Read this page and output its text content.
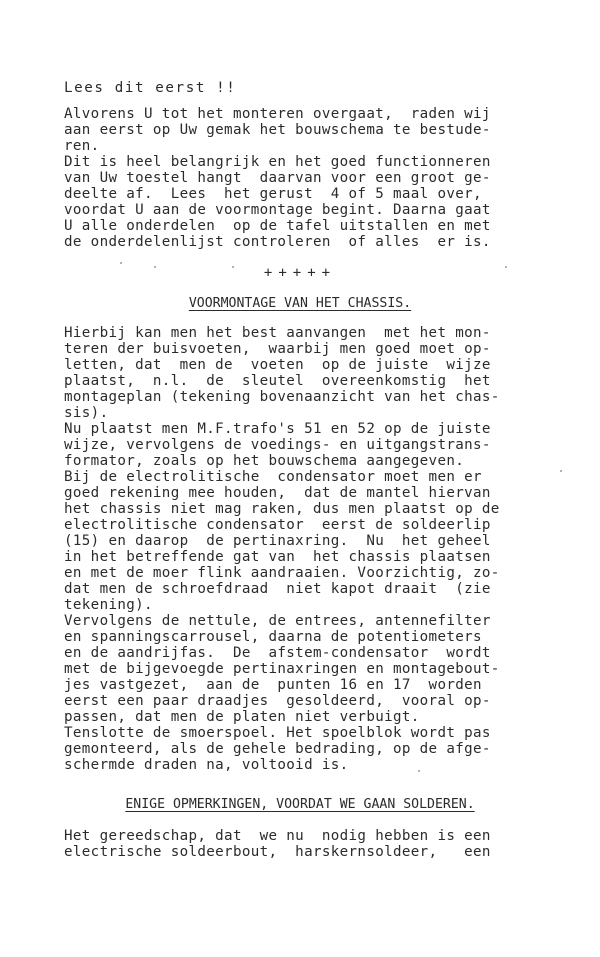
Lees dit eerst !!
Alvorens U tot het monteren overgaat,  raden wij
aan eerst op Uw gemak het bouwschema te bestude-
ren.
Dit is heel belangrijk en het goed functionneren
van Uw toestel hangt  daarvan voor een groot ge-
deelte af.  Lees  het gerust  4 of 5 maal over,
voordat U aan de voormontage begint. Daarna gaat
U alle onderdelen  op de tafel uitstallen en met
de onderdelenlijst controleren  of alles  er is.
+++++
VOORMONTAGE VAN HET CHASSIS.
Hierbij kan men het best aanvangen  met het mon-
teren der buisvoeten,  waarbij men goed moet op-
letten, dat  men de  voeten  op de juiste  wijze
plaatst,  n.l.  de  sleutel  overeenkomstig  het
montageplan (tekening bovenaanzicht van het chas-
sis).
Nu plaatst men M.F.trafo's 51 en 52 op de juiste
wijze, vervolgens de voedings- en uitgangstrans-
formator, zoals op het bouwschema aangegeven.
Bij de electrolitische  condensator moet men er
goed rekening mee houden,  dat de mantel hiervan
het chassis niet mag raken, dus men plaatst op de
electrolitische condensator  eerst de soldeerlip
(15) en daarop  de pertinaxring.  Nu  het geheel
in het betreffende gat van  het chassis plaatsen
en met de moer flink aandraaien. Voorzichtig, zo-
dat men de schroefdraad  niet kapot draait  (zie
tekening).
Vervolgens de nettule, de entrees, antennefilter
en spanningscarrousel, daarna de potentiometers
en de aandrijfas.  De  afstem-condensator  wordt
met de bijgevoegde pertinaxringen en montagebout-
jes vastgezet,  aan de  punten 16 en 17  worden
eerst een paar draadjes  gesoldeerd,  vooral op-
passen, dat men de platen niet verbuigt.
Tenslotte de smoerspoel. Het spoelblok wordt pas
gemonteerd, als de gehele bedrading, op de afge-
schermde draden na, voltooid is.
ENIGE OPMERKINGEN, VOORDAT WE GAAN SOLDEREN.
Het gereedschap, dat  we nu  nodig hebben is een
electrische soldeerbout,  harskernsoldeer,   een
